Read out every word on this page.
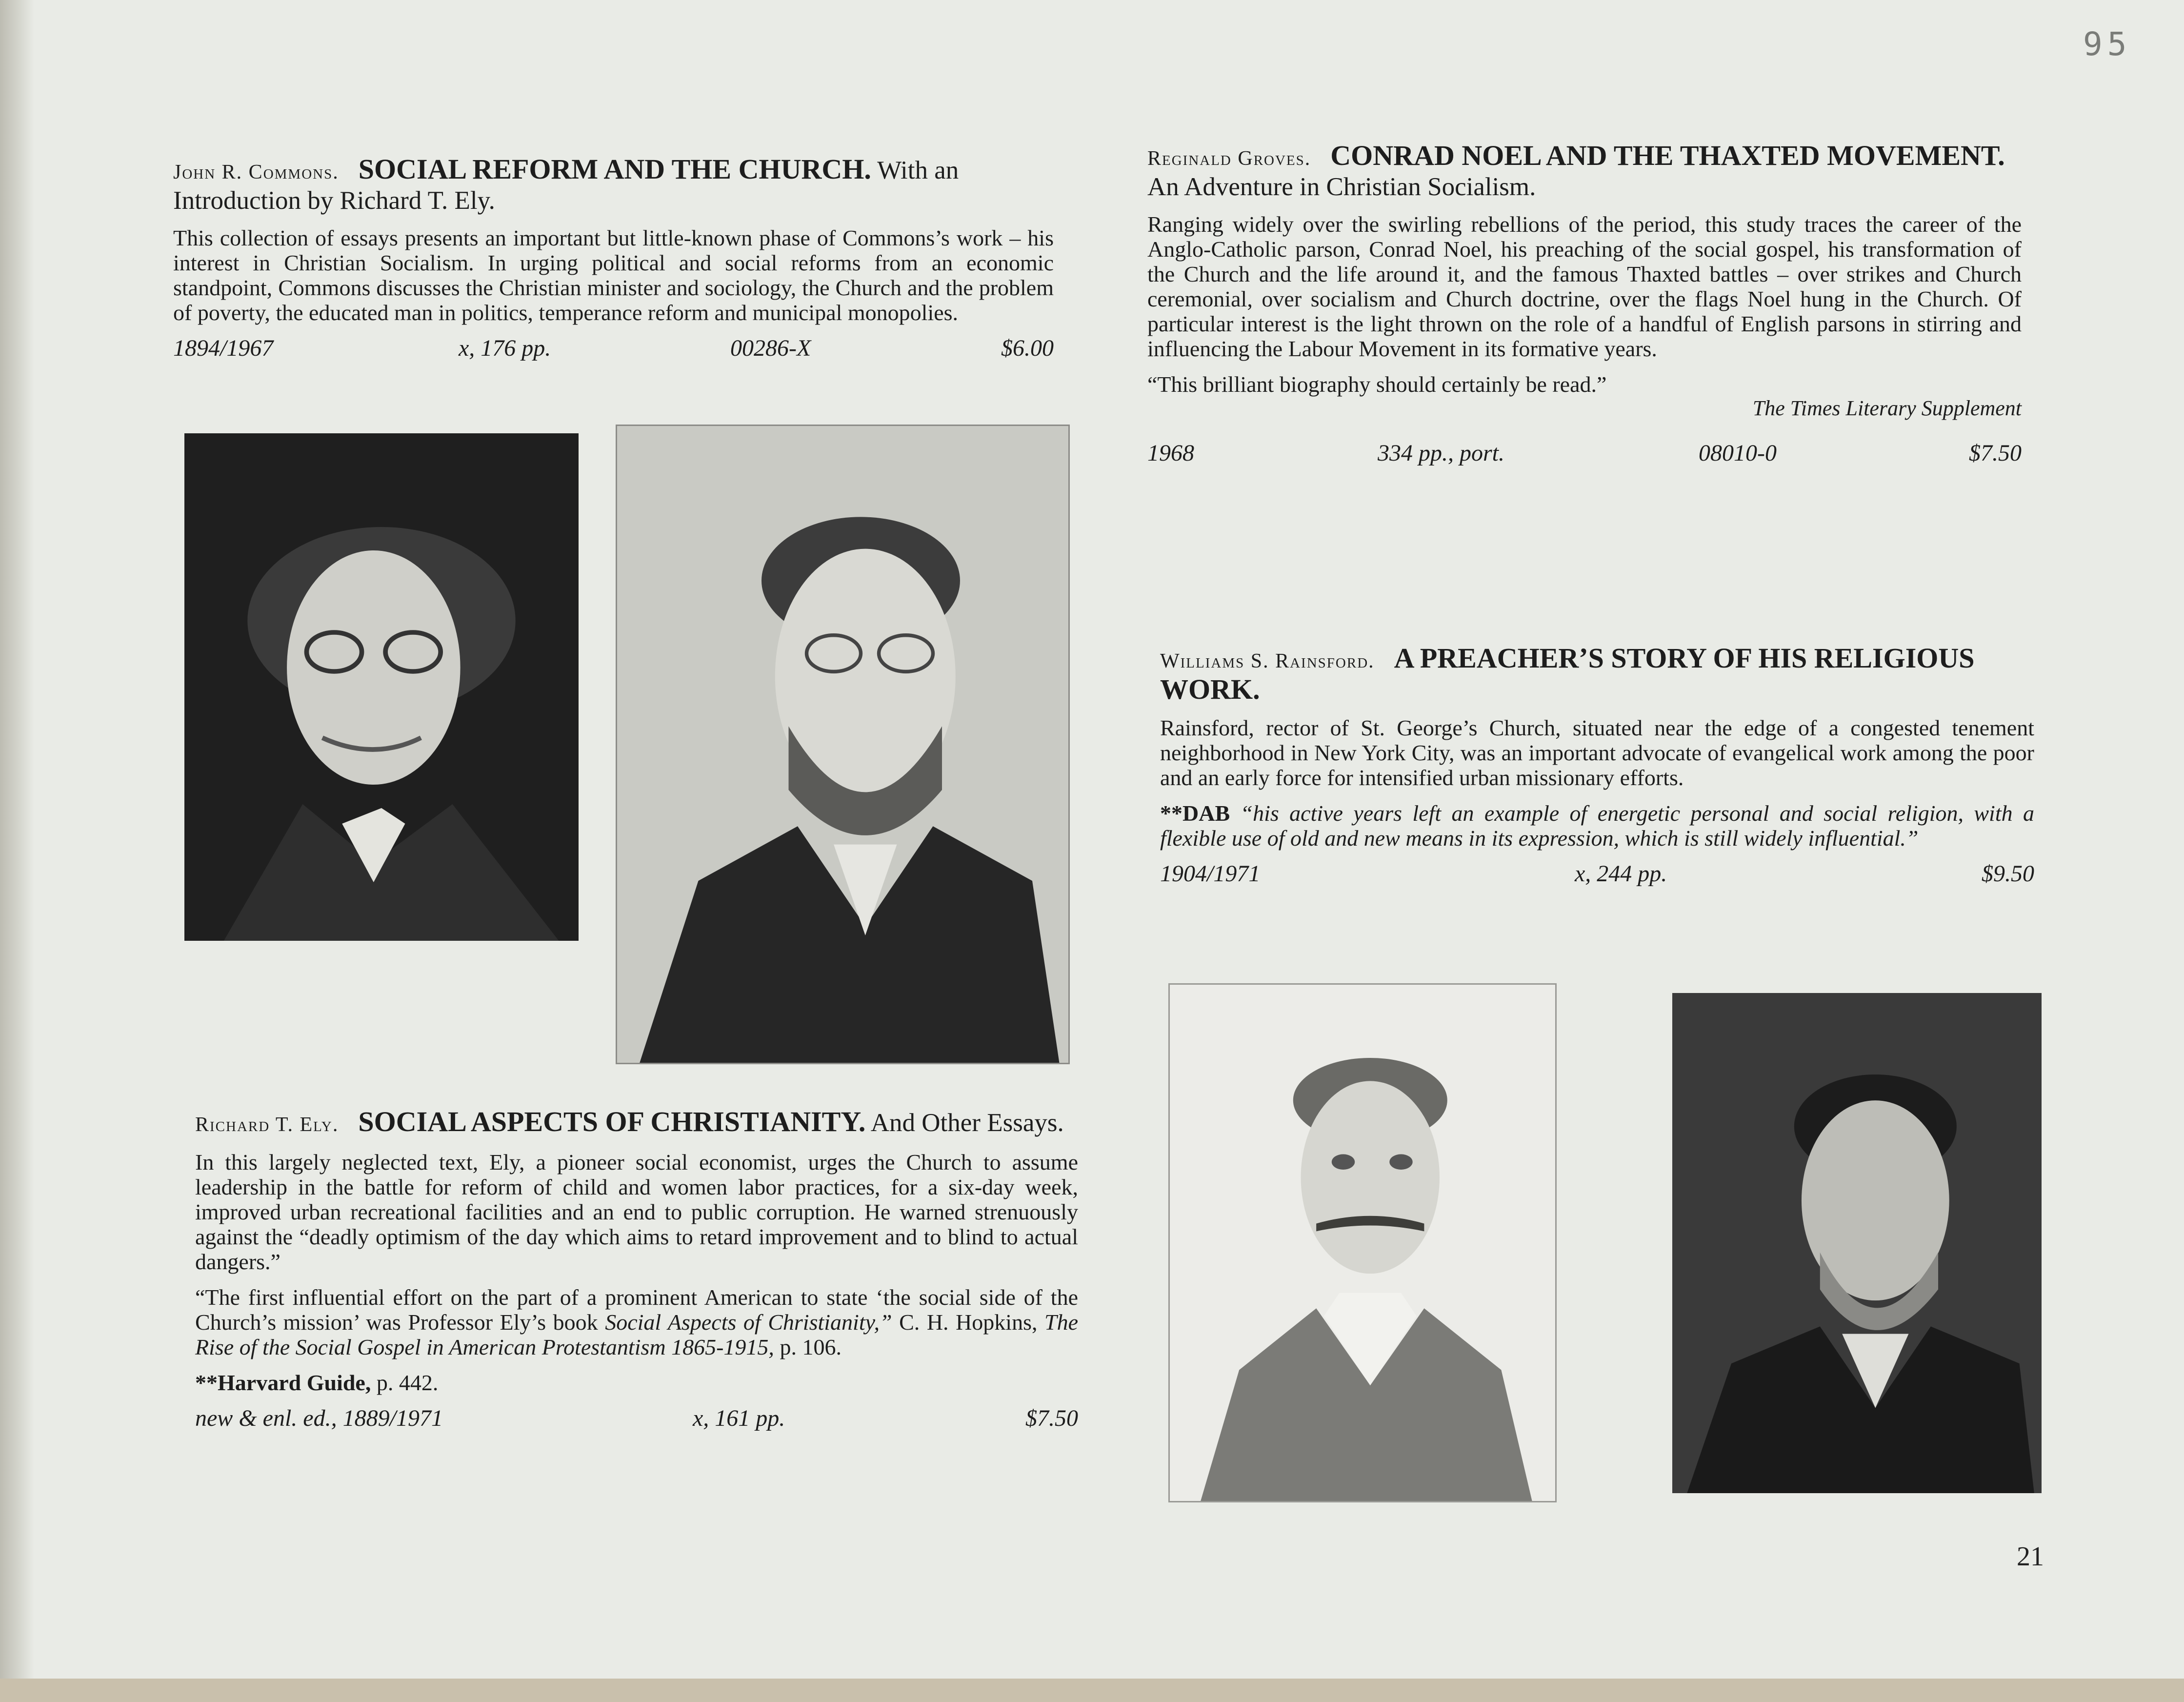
95

John R. Commons. SOCIAL REFORM AND THE CHURCH. With an Introduction by Richard T. Ely.

This collection of essays presents an important but little-known phase of Commons’s work – his interest in Christian Socialism. In urging political and social reforms from an economic standpoint, Commons discusses the Christian minister and sociology, the Church and the problem of poverty, the educated man in politics, temperance reform and municipal monopolies.

1894/1967	x, 176 pp.	00286-X	$6.00

Richard T. Ely. SOCIAL ASPECTS OF CHRISTIANITY. And Other Essays.

In this largely neglected text, Ely, a pioneer social economist, urges the Church to assume leadership in the battle for reform of child and women labor practices, for a six-day week, improved urban recreational facilities and an end to public corruption. He warned strenuously against the “deadly optimism of the day which aims to retard improvement and to blind to actual dangers.”

“The first influential effort on the part of a prominent American to state ‘the social side of the Church’s mission’ was Professor Ely’s book Social Aspects of Christianity,” C. H. Hopkins, The Rise of the Social Gospel in American Protestantism 1865-1915, p. 106.

**Harvard Guide, p. 442.

new & enl. ed., 1889/1971	x, 161 pp.	$7.50

Reginald Groves. CONRAD NOEL AND THE THAXTED MOVEMENT. An Adventure in Christian Socialism.

Ranging widely over the swirling rebellions of the period, this study traces the career of the Anglo-Catholic parson, Conrad Noel, his preaching of the social gospel, his transformation of the Church and the life around it, and the famous Thaxted battles – over strikes and Church ceremonial, over socialism and Church doctrine, over the flags Noel hung in the Church. Of particular interest is the light thrown on the role of a handful of English parsons in stirring and influencing the Labour Movement in its formative years.

“This brilliant biography should certainly be read.”

The Times Literary Supplement

1968	334 pp., port.	08010-0	$7.50

Williams S. Rainsford. A PREACHER’S STORY OF HIS RELIGIOUS WORK.

Rainsford, rector of St. George’s Church, situated near the edge of a congested tenement neighborhood in New York City, was an important advocate of evangelical work among the poor and an early force for intensified urban missionary efforts.

**DAB “his active years left an example of energetic personal and social religion, with a flexible use of old and new means in its expression, which is still widely influential.”

1904/1971	x, 244 pp.	$9.50
21
